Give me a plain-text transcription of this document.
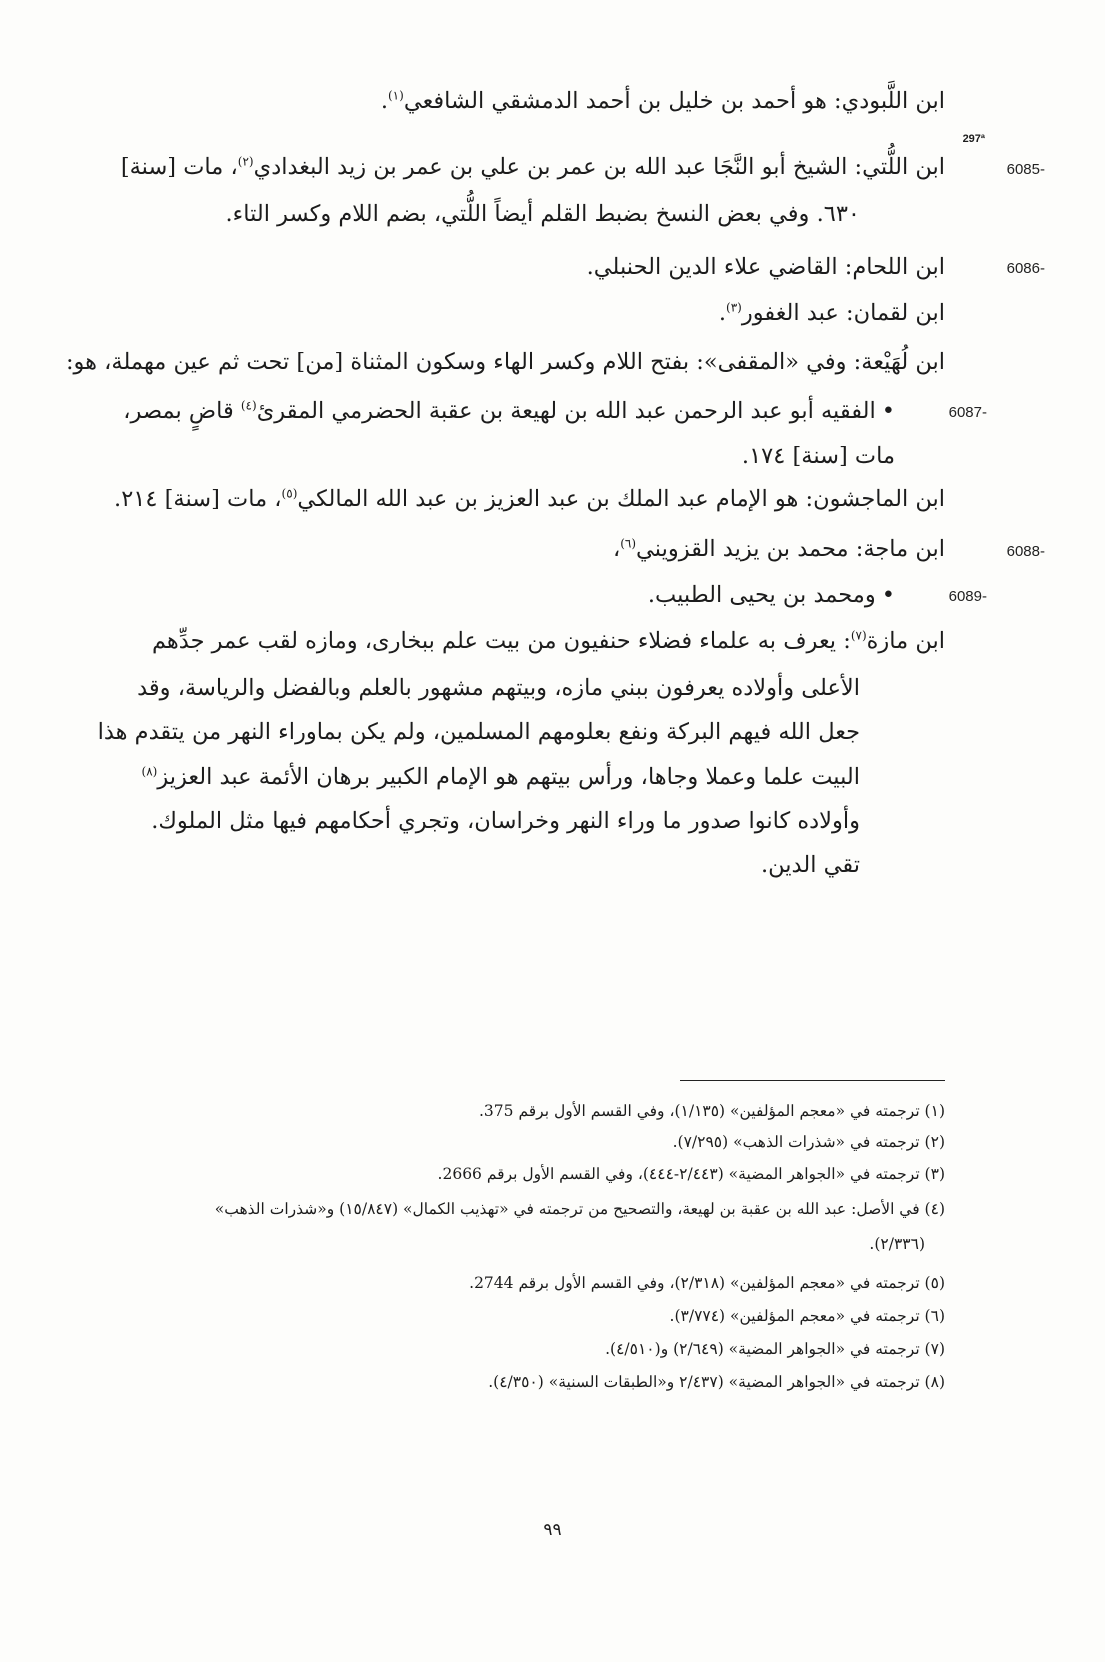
297ª
ابن اللَّبودي: هو أحمد بن خليل بن أحمد الدمشقي الشافعي$^{(١)}$.
6085-
ابن اللُّتي: الشيخ أبو النَّجَا عبد الله بن عمر بن علي بن عمر بن زيد البغدادي$^{(٢)}$، مات [سنة]
٦٣٠. وفي بعض النسخ بضبط القلم أيضاً اللُّتي، بضم اللام وكسر التاء.
6086-
ابن اللحام: القاضي علاء الدين الحنبلي.
ابن لقمان: عبد الغفور$^{(٣)}$.
ابن لُهَيْعة: وفي «المقفى»: بفتح اللام وكسر الهاء وسكون المثناة [من] تحت ثم عين مهملة، هو:
6087-
•الفقيه أبو عبد الرحمن عبد الله بن لهيعة بن عقبة الحضرمي المقرئ$^{(٤)}$ قاضٍ بمصر،
مات [سنة] ١٧٤.
ابن الماجشون: هو الإمام عبد الملك بن عبد العزيز بن عبد الله المالكي$^{(٥)}$، مات [سنة] ٢١٤.
6088-
ابن ماجة: محمد بن يزيد القزويني$^{(٦)}$،
6089-
•ومحمد بن يحيى الطبيب.
ابن مازة$^{(٧)}$: يعرف به علماء فضلاء حنفيون من بيت علم ببخارى، ومازه لقب عمر جدِّهم
الأعلى وأولاده يعرفون ببني مازه، وبيتهم مشهور بالعلم وبالفضل والرياسة، وقد
جعل الله فيهم البركة ونفع بعلومهم المسلمين، ولم يكن بماوراء النهر من يتقدم هذا
البيت علما وعملا وجاها، ورأس بيتهم هو الإمام الكبير برهان الأئمة عبد العزيز$^{(٨)}$
وأولاده كانوا صدور ما وراء النهر وخراسان، وتجري أحكامهم فيها مثل الملوك.
تقي الدين.
(١) ترجمته في «معجم المؤلفين» (١/١٣٥)، وفي القسم الأول برقم 375.
(٢) ترجمته في «شذرات الذهب» (٧/٢٩٥).
(٣) ترجمته في «الجواهر المضية» (٢/٤٤٣-٤٤٤)، وفي القسم الأول برقم 2666.
(٤) في الأصل: عبد الله بن عقبة بن لهيعة، والتصحيح من ترجمته في «تهذيب الكمال» (١٥/٨٤٧) و«شذرات الذهب»
(٢/٣٣٦).
(٥) ترجمته في «معجم المؤلفين» (٢/٣١٨)، وفي القسم الأول برقم 2744.
(٦) ترجمته في «معجم المؤلفين» (٣/٧٧٤).
(٧) ترجمته في «الجواهر المضية» (٢/٦٤٩) و(٤/٥١٠).
(٨) ترجمته في «الجواهر المضية» (٢/٤٣٧ و«الطبقات السنية» (٤/٣٥٠).
٩٩
